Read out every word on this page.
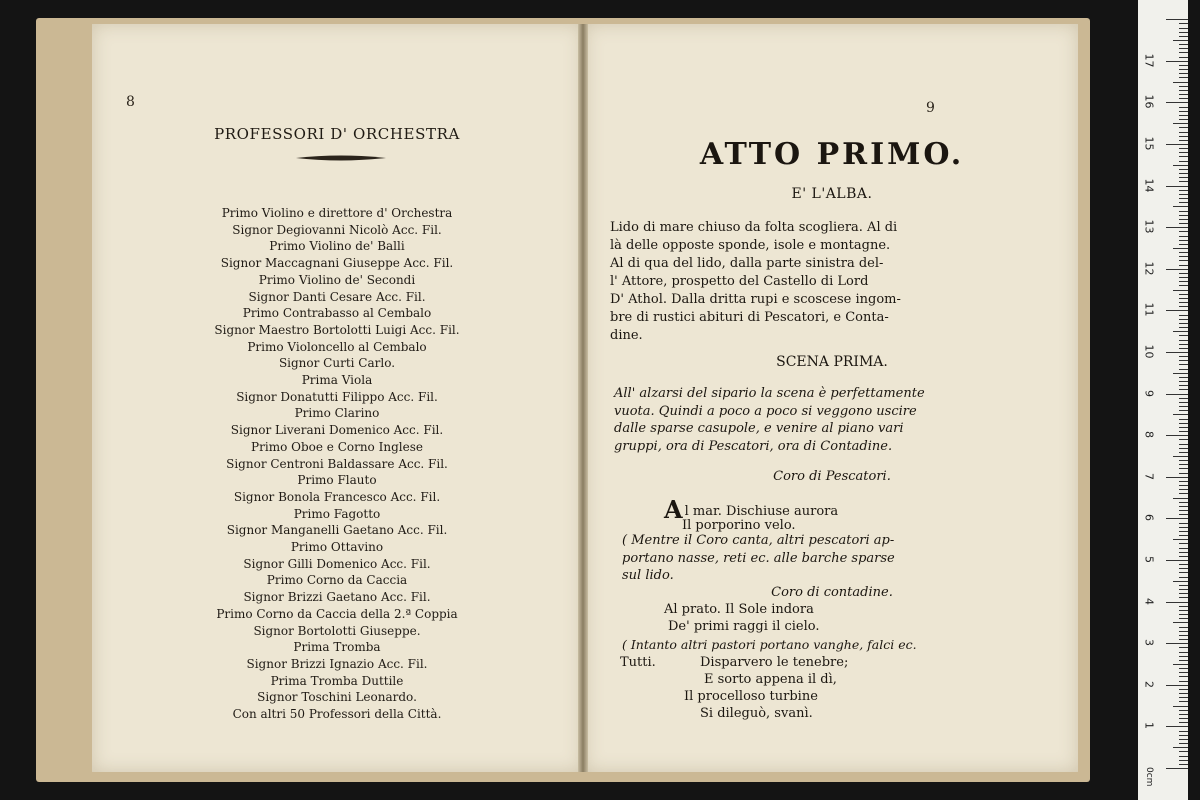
8
PROFESSORI D' ORCHESTRA
Primo Violino e direttore d' Orchestra
Signor Degiovanni Nicolò Acc. Fil.
Primo Violino de' Balli
Signor Maccagnani Giuseppe Acc. Fil.
Primo Violino de' Secondi
Signor Danti Cesare Acc. Fil.
Primo Contrabasso al Cembalo
Signor Maestro Bortolotti Luigi Acc. Fil.
Primo Violoncello al Cembalo
Signor Curti Carlo.
Prima Viola
Signor Donatutti Filippo Acc. Fil.
Primo Clarino
Signor Liverani Domenico Acc. Fil.
Primo Oboe e Corno Inglese
Signor Centroni Baldassare Acc. Fil.
Primo Flauto
Signor Bonola Francesco Acc. Fil.
Primo Fagotto
Signor Manganelli Gaetano Acc. Fil.
Primo Ottavino
Signor Gilli Domenico Acc. Fil.
Primo Corno da Caccia
Signor Brizzi Gaetano Acc. Fil.
Primo Corno da Caccia della 2.ª Coppia
Signor Bortolotti Giuseppe.
Prima Tromba
Signor Brizzi Ignazio Acc. Fil.
Prima Tromba Duttile
Signor Toschini Leonardo.
Con altri 50 Professori della Città.
9
ATTO PRIMO.
E' L'ALBA.
Lido di mare chiuso da folta scogliera. Al di
là delle opposte sponde, isole e montagne.
Al di qua del lido, dalla parte sinistra del-
l' Attore, prospetto del Castello di Lord
D' Athol. Dalla dritta rupi e scoscese ingom-
bre di rustici abituri di Pescatori, e Conta-
dine.
SCENA PRIMA.
All' alzarsi del sipario la scena è perfettamente
vuota. Quindi a poco a poco si veggono uscire
dalle sparse casupole, e venire al piano vari
gruppi, ora di Pescatori, ora di Contadine.
Coro di Pescatori.
Al mar. Dischiuse aurora
Il porporino velo.
( Mentre il Coro canta, altri pescatori ap-
portano nasse, reti ec. alle barche sparse
sul lido.
Coro di contadine.
Al prato. Il Sole indora
De' primi raggi il cielo.
( Intanto altri pastori portano vanghe, falci ec.
Tutti.	Disparvero le tenebre;
E sorto appena il dì,
Il procelloso turbine
Si dileguò, svanì.
1
2
3
4
5
6
7
8
9
10
11
12
13
14
15
16
17
0cm
